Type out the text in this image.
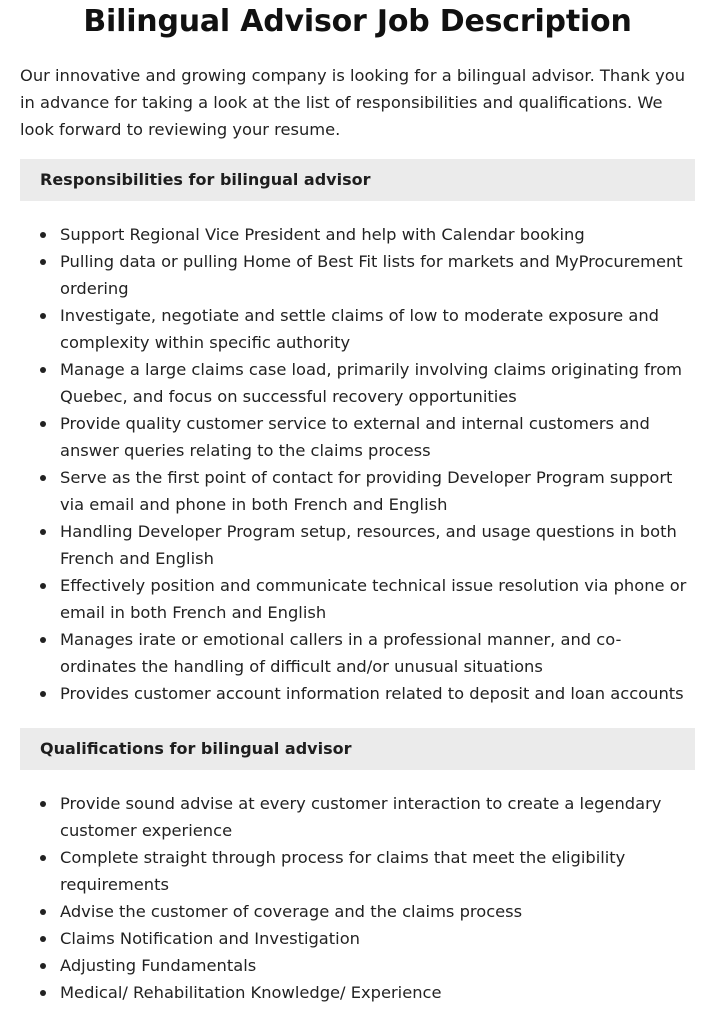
Bilingual Advisor Job Description

Our innovative and growing company is looking for a bilingual advisor. Thank you in advance for taking a look at the list of responsibilities and qualifications. We look forward to reviewing your resume.

Responsibilities for bilingual advisor
Support Regional Vice President and help with Calendar booking
Pulling data or pulling Home of Best Fit lists for markets and MyProcurement ordering
Investigate, negotiate and settle claims of low to moderate exposure and complexity within specific authority
Manage a large claims case load, primarily involving claims originating from Quebec, and focus on successful recovery opportunities
Provide quality customer service to external and internal customers and answer queries relating to the claims process
Serve as the first point of contact for providing Developer Program support via email and phone in both French and English
Handling Developer Program setup, resources, and usage questions in both French and English
Effectively position and communicate technical issue resolution via phone or email in both French and English
Manages irate or emotional callers in a professional manner, and co-ordinates the handling of difficult and/or unusual situations
Provides customer account information related to deposit and loan accounts
Qualifications for bilingual advisor
Provide sound advise at every customer interaction to create a legendary customer experience
Complete straight through process for claims that meet the eligibility requirements
Advise the customer of coverage and the claims process
Claims Notification and Investigation
Adjusting Fundamentals
Medical/ Rehabilitation Knowledge/ Experience
